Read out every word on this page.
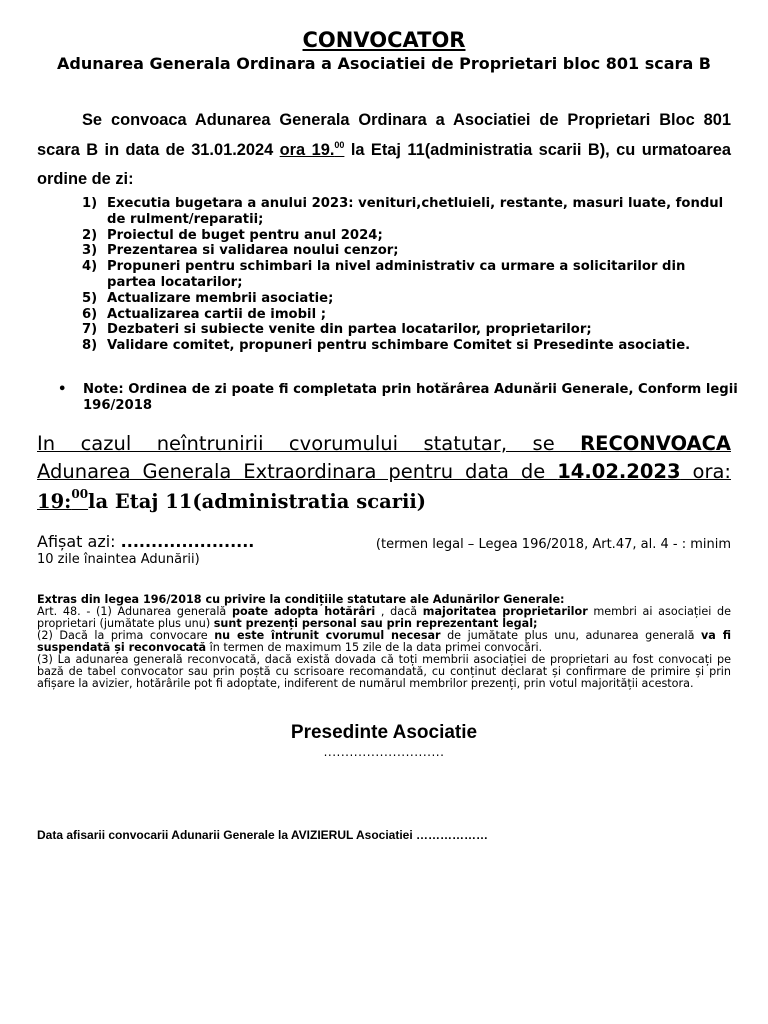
CONVOCATOR
Adunarea Generala Ordinara a Asociatiei de Proprietari bloc 801 scara B
Se convoaca Adunarea Generala Ordinara a Asociatiei de Proprietari Bloc 801 scara B in data de 31.01.2024 ora 19.00 la Etaj 11(administratia scarii B), cu urmatoarea ordine de zi:
1) Executia bugetara a anului 2023: venituri,chetluieli, restante, masuri luate, fondul de rulment/reparatii;
2) Proiectul de buget pentru anul 2024;
3) Prezentarea si validarea noului cenzor;
4) Propuneri pentru schimbari la nivel administrativ ca urmare a solicitarilor din partea locatarilor;
5) Actualizare membrii asociatie;
6) Actualizarea cartii de imobil ;
7) Dezbateri si subiecte venite din partea locatarilor, proprietarilor;
8) Validare comitet, propuneri pentru schimbare Comitet si Presedinte asociatie.
• Note: Ordinea de zi poate fi completata prin hotărârea Adunării Generale, Conform legii 196/2018
In cazul neîntrunirii cvorumului statutar, se RECONVOACA
Adunarea Generala Extraordinara pentru data de 14.02.2023 ora:
19:$^{00}$la Etaj 11(administratia scarii)
Afișat azi: ......................	(termen legal – Legea 196/2018, Art.47, al. 4 - : minim
10 zile înaintea Adunării)
Extras din legea 196/2018 cu privire la condițiile statutare ale Adunărilor Generale:

Art. 48. - (1) Adunarea generală poate adopta hotărâri , dacă majoritatea proprietarilor membri ai asociației de proprietari (jumătate plus unu) sunt prezenți personal sau prin reprezentant legal;

(2) Dacă la prima convocare nu este întrunit cvorumul necesar de jumătate plus unu, adunarea generală va fi suspendată și reconvocată în termen de maximum 15 zile de la data primei convocări.

(3) La adunarea generală reconvocată, dacă există dovada că toți membrii asociației de proprietari au fost convocați pe bază de tabel convocator sau prin poștă cu scrisoare recomandată, cu conținut declarat și confirmare de primire și prin afișare la avizier, hotărârile pot fi adoptate, indiferent de numărul membrilor prezenți, prin votul majorității acestora.

Presedinte Asociatie
............................
Data afisarii convocarii Adunarii Generale la AVIZIERUL Asociatiei ………………
